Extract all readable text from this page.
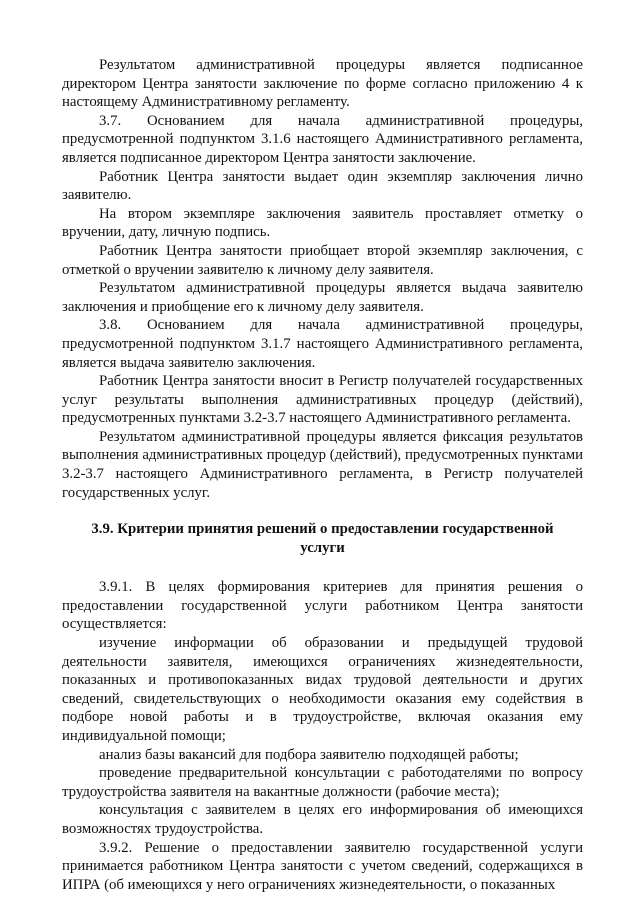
Результатом административной процедуры является подписанное директором Центра занятости заключение по форме согласно приложению 4 к настоящему Административному регламенту.

3.7. Основанием для начала административной процедуры, предусмотренной подпунктом 3.1.6 настоящего Административного регламента, является подписанное директором Центра занятости заключение.

Работник Центра занятости выдает один экземпляр заключения лично заявителю.

На втором экземпляре заключения заявитель проставляет отметку о вручении, дату, личную подпись.

Работник Центра занятости приобщает второй экземпляр заключения, с отметкой о вручении заявителю к личному делу заявителя.

Результатом административной процедуры является выдача заявителю заключения и приобщение его к личному делу заявителя.

3.8. Основанием для начала административной процедуры, предусмотренной подпунктом 3.1.7 настоящего Административного регламента, является выдача заявителю заключения.

Работник Центра занятости вносит в Регистр получателей государственных услуг результаты выполнения административных процедур (действий), предусмотренных пунктами 3.2-3.7 настоящего Административного регламента.

Результатом административной процедуры является фиксация результатов выполнения административных процедур (действий), предусмотренных пунктами 3.2-3.7 настоящего Административного регламента, в Регистр получателей государственных услуг.

3.9. Критерии принятия решений о предоставлении государственной услуги

3.9.1. В целях формирования критериев для принятия решения о предоставлении государственной услуги работником Центра занятости осуществляется:

изучение информации об образовании и предыдущей трудовой деятельности заявителя, имеющихся ограничениях жизнедеятельности, показанных и противопоказанных видах трудовой деятельности и других сведений, свидетельствующих о необходимости оказания ему содействия в подборе новой работы и в трудоустройстве, включая оказания ему индивидуальной помощи;

анализ базы вакансий для подбора заявителю подходящей работы;

проведение предварительной консультации с работодателями по вопросу трудоустройства заявителя на вакантные должности (рабочие места);

консультация с заявителем в целях его информирования об имеющихся возможностях трудоустройства.

3.9.2. Решение о предоставлении заявителю государственной услуги принимается работником Центра занятости с учетом сведений, содержащихся в ИПРА (об имеющихся у него ограничениях жизнедеятельности, о показанных
